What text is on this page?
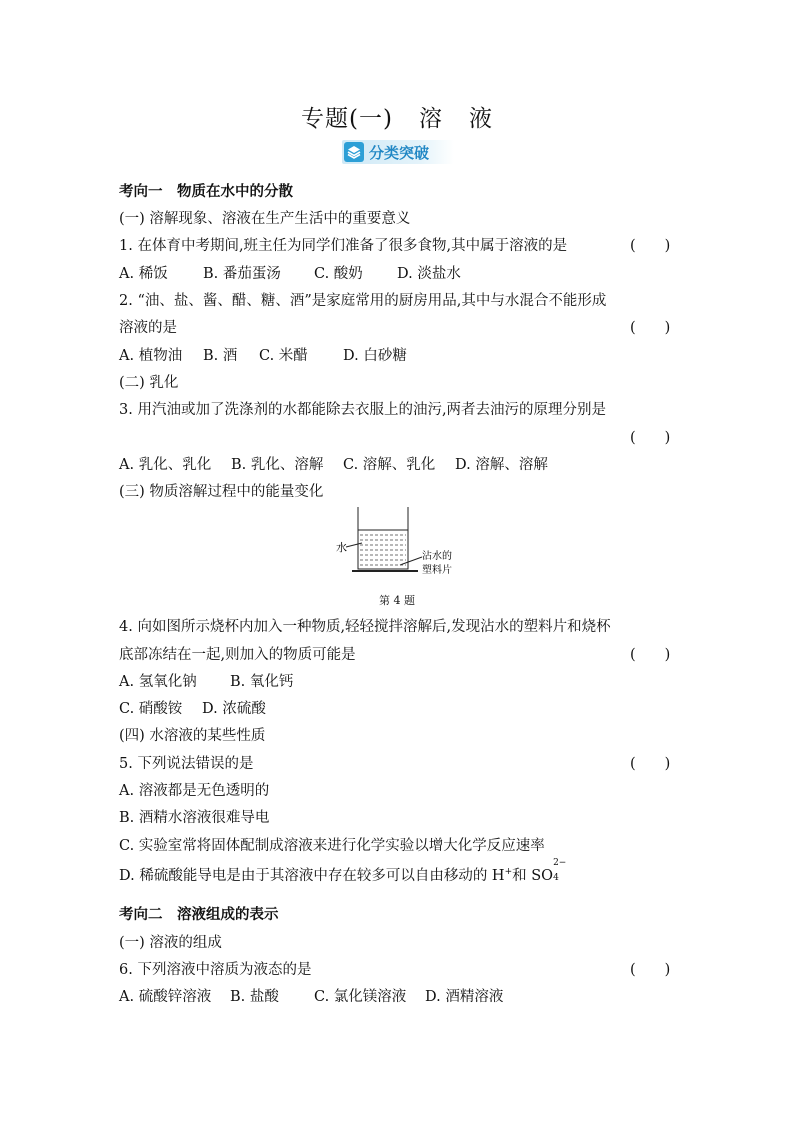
专题(一) 溶 液
分类突破
考向一　物质在水中的分散
(一) 溶解现象、溶液在生产生活中的重要意义
1. 在体育中考期间,班主任为同学们准备了很多食物,其中属于溶液的是	(　　)
A. 稀饭 B. 番茄蛋汤 C. 酸奶 D. 淡盐水
2. “油、盐、酱、醋、糖、酒”是家庭常用的厨房用品,其中与水混合不能形成
溶液的是	(　　)
A. 植物油 B. 酒 C. 米醋 D. 白砂糖
(二) 乳化
3. 用汽油或加了洗涤剂的水都能除去衣服上的油污,两者去油污的原理分别是
(　　)
A. 乳化、乳化 B. 乳化、溶解 C. 溶解、乳化 D. 溶解、溶解
(三) 物质溶解过程中的能量变化
水
沾水的
塑料片
第 4 题
4. 向如图所示烧杯内加入一种物质,轻轻搅拌溶解后,发现沾水的塑料片和烧杯
底部冻结在一起,则加入的物质可能是	(　　)
A. 氢氧化钠 B. 氧化钙
C. 硝酸铵 D. 浓硫酸
(四) 水溶液的某些性质
5. 下列说法错误的是	(　　)
A. 溶液都是无色透明的
B. 酒精水溶液很难导电
C. 实验室常将固体配制成溶液来进行化学实验以增大化学反应速率
D. 稀硫酸能导电是由于其溶液中存在较多可以自由移动的 H+和 SO
2−
4
考向二　溶液组成的表示
(一) 溶液的组成
6. 下列溶液中溶质为液态的是	(　　)
A. 硫酸锌溶液 B. 盐酸 C. 氯化镁溶液 D. 酒精溶液
